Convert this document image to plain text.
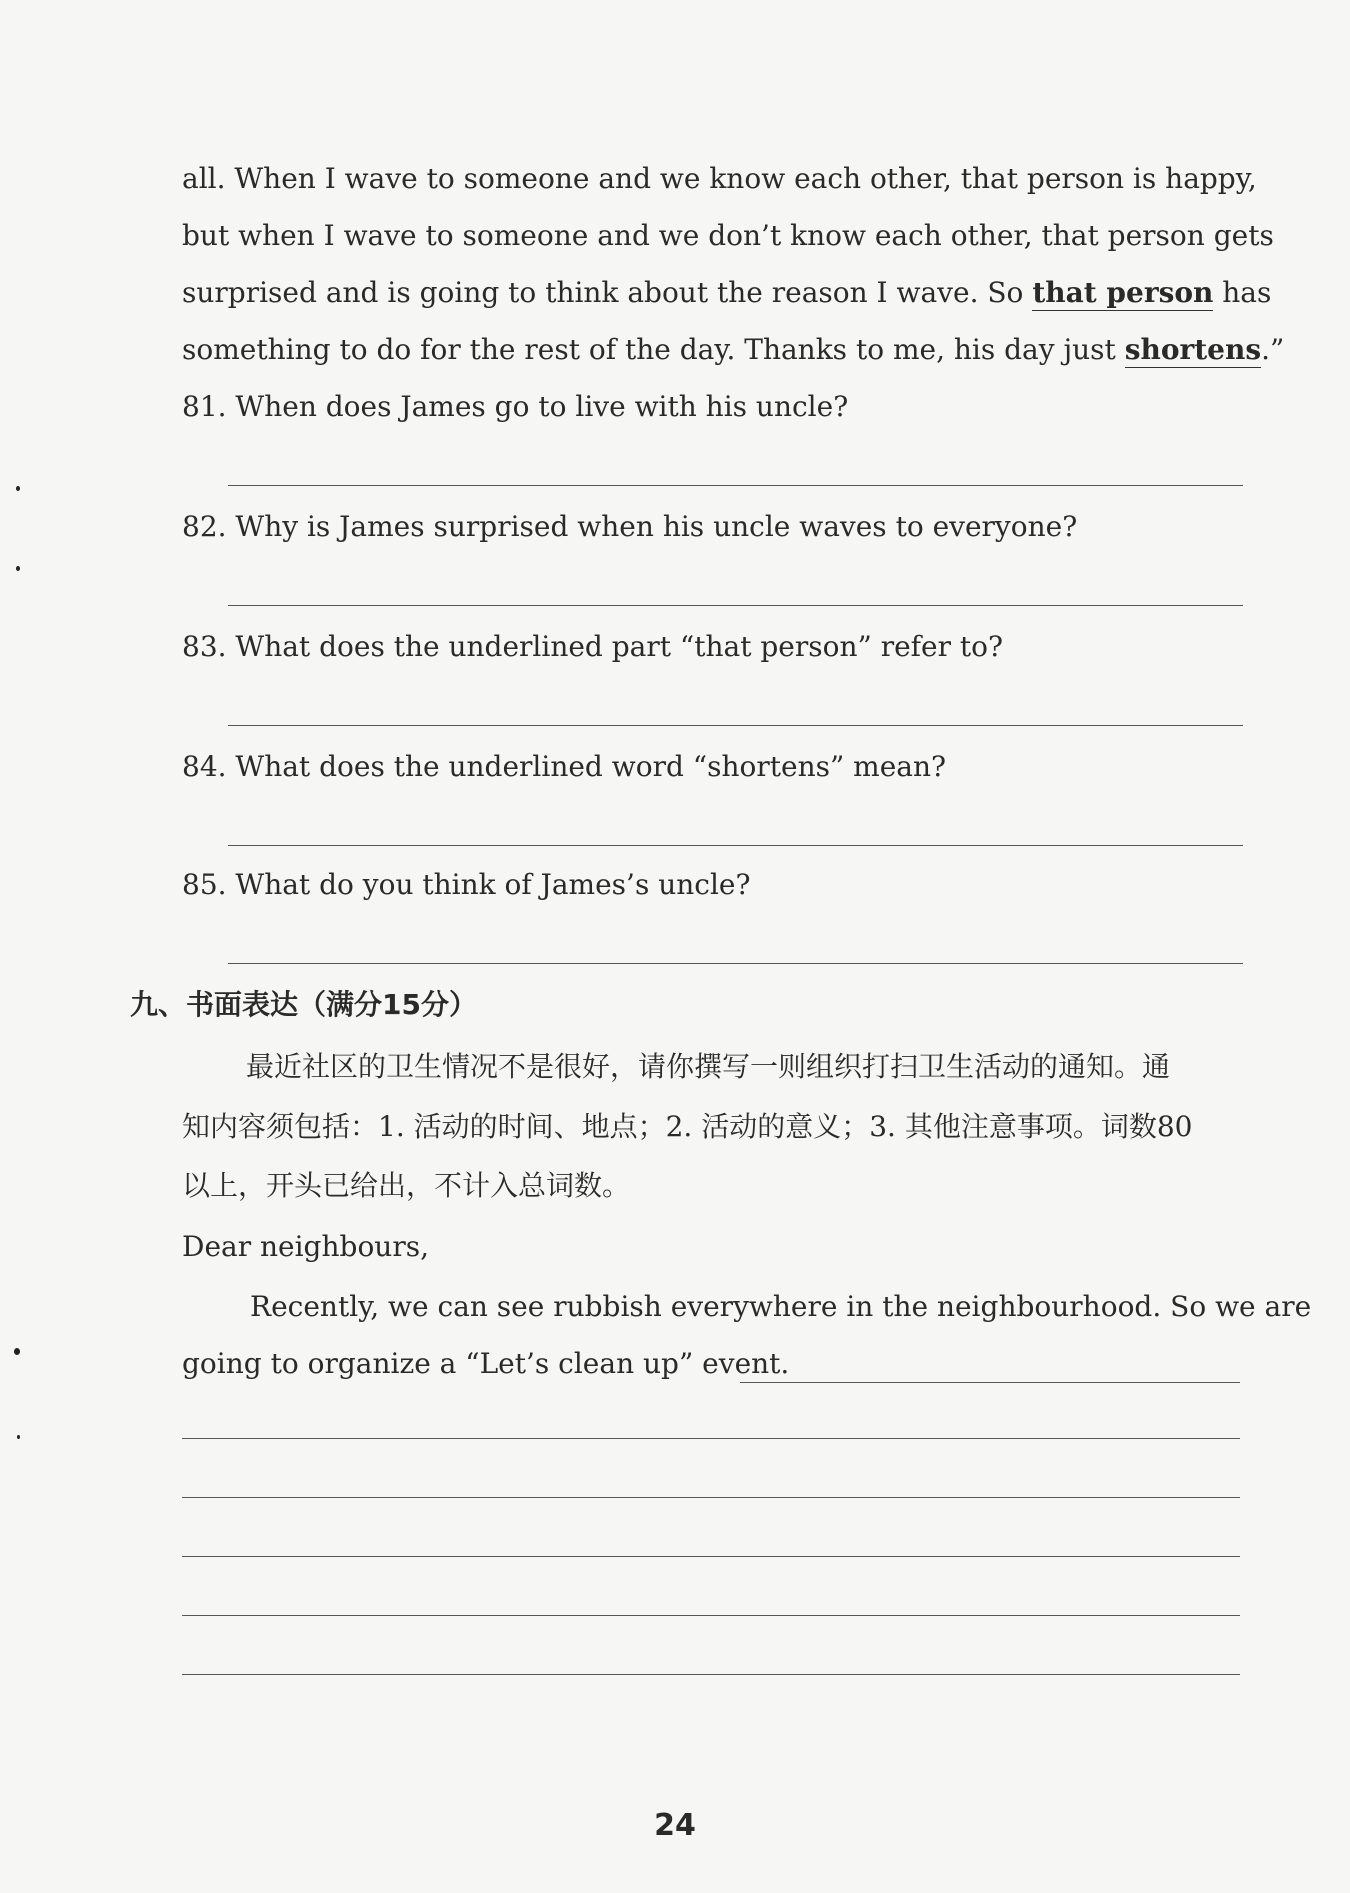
all. When I wave to someone and we know each other, that person is happy,
but when I wave to someone and we don’t know each other, that person gets
surprised and is going to think about the reason I wave. So that person has
something to do for the rest of the day. Thanks to me, his day just shortens.”
81. When does James go to live with his uncle?
82. Why is James surprised when his uncle waves to everyone?
83. What does the underlined part “that person” refer to?
84. What does the underlined word “shortens” mean?
85. What do you think of James’s uncle?
九、书面表达（满分15分）
最近社区的卫生情况不是很好，请你撰写一则组织打扫卫生活动的通知。通
知内容须包括：1. 活动的时间、地点；2. 活动的意义；3. 其他注意事项。词数80
以上，开头已给出，不计入总词数。
Dear neighbours,
Recently, we can see rubbish everywhere in the neighbourhood. So we are
going to organize a “Let’s clean up” event.
24
